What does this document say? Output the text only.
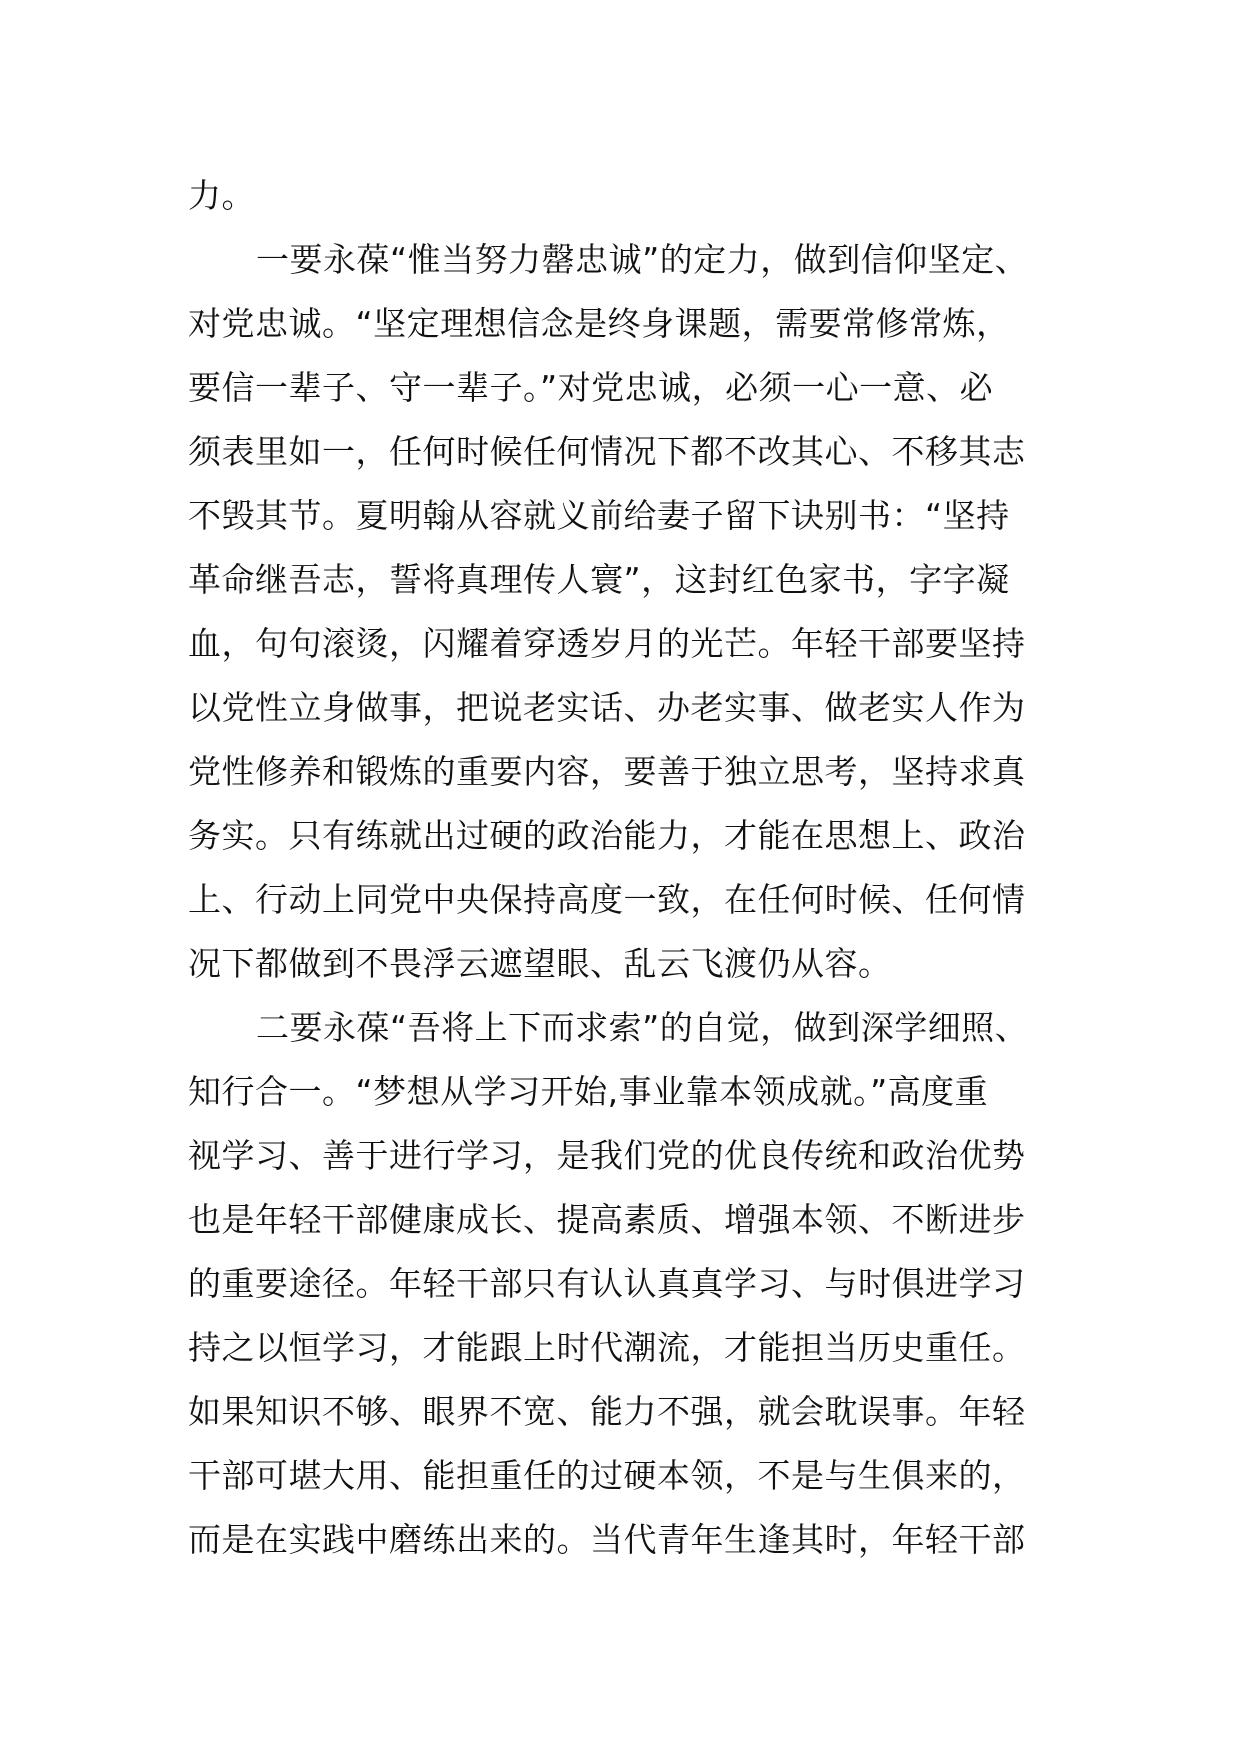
力。
一要永葆“惟当努力罄忠诚”的定力，做到信仰坚定、
对党忠诚。“坚定理想信念是终身课题，需要常修常炼，
要信一辈子、守一辈子。”对党忠诚，必须一心一意、必
须表里如一，任何时候任何情况下都不改其心、不移其志
不毁其节。夏明翰从容就义前给妻子留下诀别书：“坚持
革命继吾志，誓将真理传人寰”，这封红色家书，字字凝
血，句句滚烫，闪耀着穿透岁月的光芒。年轻干部要坚持
以党性立身做事，把说老实话、办老实事、做老实人作为
党性修养和锻炼的重要内容，要善于独立思考，坚持求真
务实。只有练就出过硬的政治能力，才能在思想上、政治
上、行动上同党中央保持高度一致，在任何时候、任何情
况下都做到不畏浮云遮望眼、乱云飞渡仍从容。
二要永葆“吾将上下而求索”的自觉，做到深学细照、
知行合一。“梦想从学习开始,事业靠本领成就。”高度重
视学习、善于进行学习，是我们党的优良传统和政治优势
也是年轻干部健康成长、提高素质、增强本领、不断进步
的重要途径。年轻干部只有认认真真学习、与时俱进学习
持之以恒学习，才能跟上时代潮流，才能担当历史重任。
如果知识不够、眼界不宽、能力不强，就会耽误事。年轻
干部可堪大用、能担重任的过硬本领，不是与生俱来的，
而是在实践中磨练出来的。当代青年生逢其时，年轻干部
